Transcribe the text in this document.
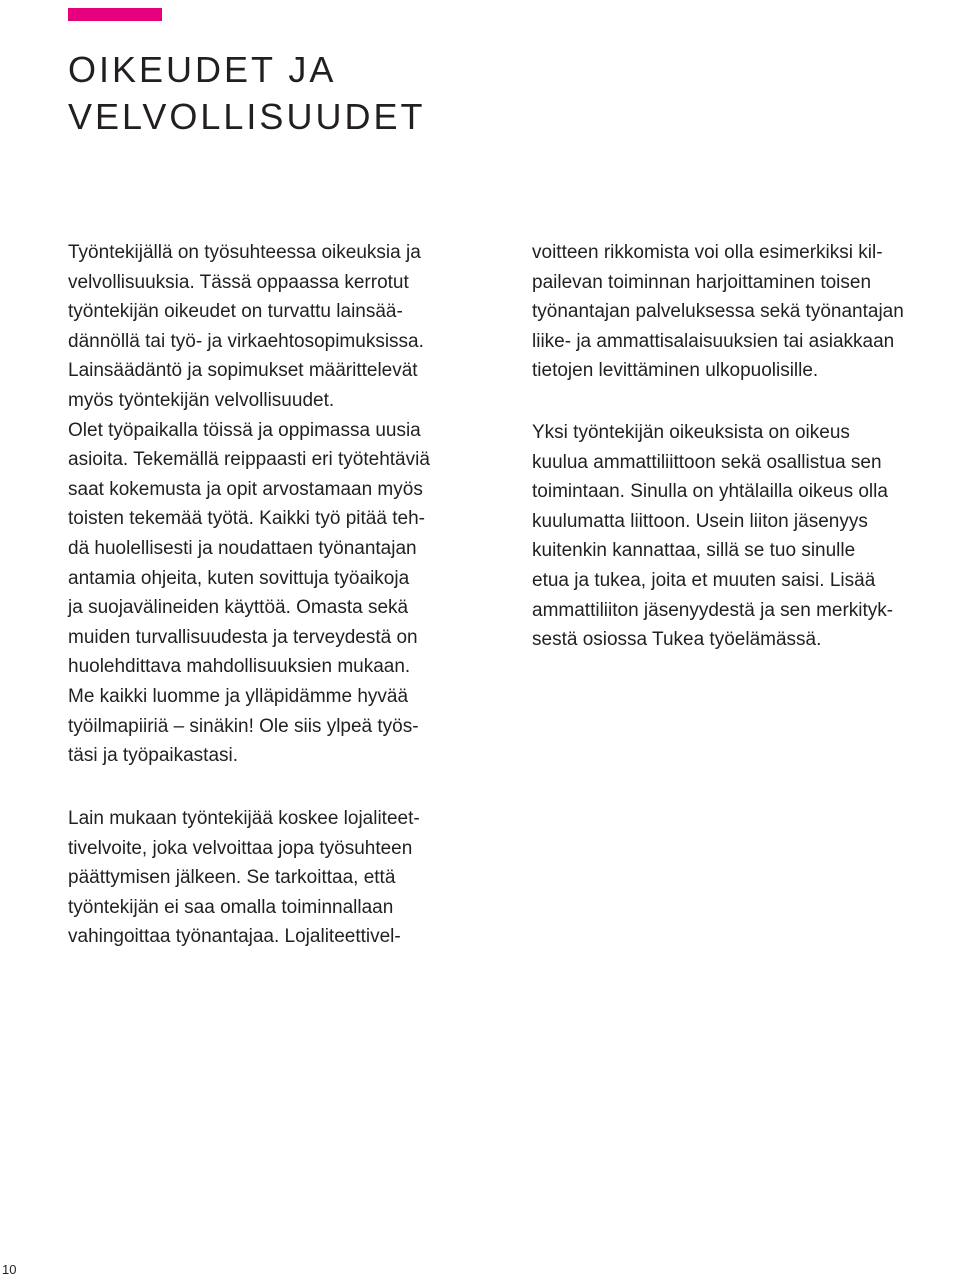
OIKEUDET JA
VELVOLLISUUDET
Työntekijällä on työsuhteessa oikeuksia ja
velvollisuuksia. Tässä oppaassa kerrotut
työntekijän oikeudet on turvattu lainsää-
dännöllä tai työ- ja virkaehtosopimuksissa.
Lainsäädäntö ja sopimukset määrittelevät
myös työntekijän velvollisuudet.
Olet työpaikalla töissä ja oppimassa uusia
asioita. Tekemällä reippaasti eri työtehtäviä
saat kokemusta ja opit arvostamaan myös
toisten tekemää työtä. Kaikki työ pitää teh-
dä huolellisesti ja noudattaen työnantajan
antamia ohjeita, kuten sovittuja työaikoja
ja suojavälineiden käyttöä. Omasta sekä
muiden turvallisuudesta ja terveydestä on
huolehdittava mahdollisuuksien mukaan.
Me kaikki luomme ja ylläpidämme hyvää
työilmapiiriä – sinäkin! Ole siis ylpeä työs-
täsi ja työpaikastasi.
Lain mukaan työntekijää koskee lojaliteet-
tivelvoite, joka velvoittaa jopa työsuhteen
päättymisen jälkeen. Se tarkoittaa, että
työntekijän ei saa omalla toiminnallaan
vahingoittaa työnantajaa. Lojaliteettivel-
voitteen rikkomista voi olla esimerkiksi kil-
pailevan toiminnan harjoittaminen toisen
työnantajan palveluksessa sekä työnantajan
liike- ja ammattisalaisuuksien tai asiakkaan
tietojen levittäminen ulkopuolisille.
Yksi työntekijän oikeuksista on oikeus
kuulua ammattiliittoon sekä osallistua sen
toimintaan. Sinulla on yhtälailla oikeus olla
kuulumatta liittoon. Usein liiton jäsenyys
kuitenkin kannattaa, sillä se tuo sinulle
etua ja tukea, joita et muuten saisi. Lisää
ammattiliiton jäsenyydestä ja sen merkityk-
sestä osiossa Tukea työelämässä.
10
